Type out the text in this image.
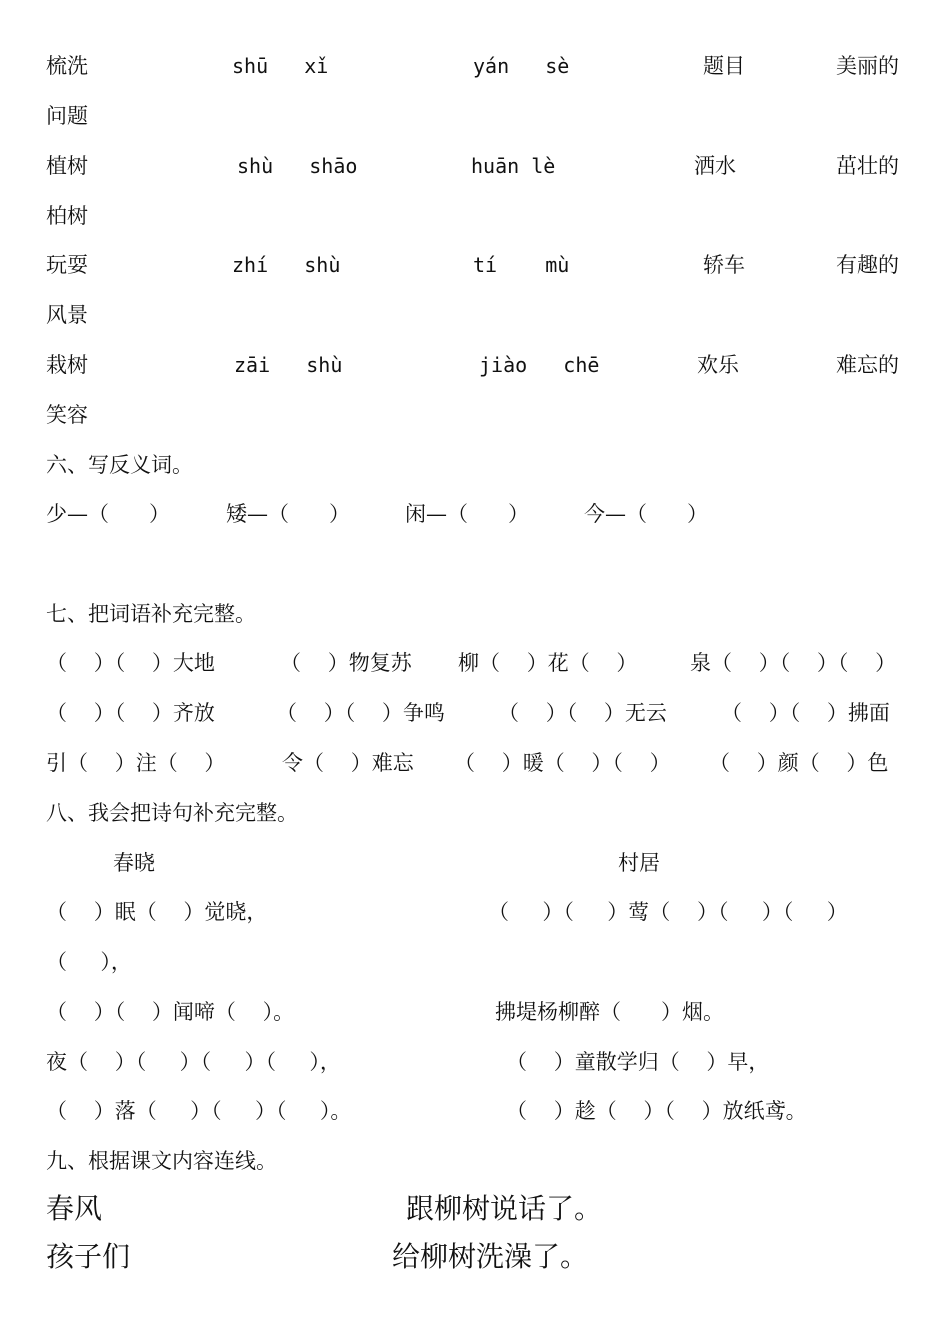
梳洗	shū   xǐ	yán   sè	题目	美丽的
问题
植树	shù   shāo	huān lè	洒水	茁壮的
柏树
玩耍	zhí   shù	tí    mù	轿车	有趣的
风景
栽树	zāi   shù	jiào   chē	欢乐	难忘的
笑容
六、写反义词。
少—（      ）	矮—（      ）	闲—（      ）	今—（      ）
七、把词语补充完整。
（    ）（    ）大地	（    ）物复苏 柳（    ）花（    ）	泉（    ）（    ）（    ）
（    ）（    ）齐放	（    ）（    ）争鸣	（    ）（    ）无云	（    ）（    ）拂面
引（    ）注（    ）	令（    ）难忘 （    ）暖（    ）（    ） （    ）颜（    ）色
八、我会把诗句补充完整。
春晓	村居
（    ）眠（    ）觉晓，	（     ）（     ）莺（    ）（     ）（     ）
（     ），
（    ）（    ）闻啼（    ）。	拂堤杨柳醉（      ）烟。
夜（    ）（     ）（     ）（     ），	（    ）童散学归（    ）早，
（    ）落（     ）（     ）（     ）。	（    ）趁（    ）（    ）放纸鸢。
九、根据课文内容连线。
春风	跟柳树说话了。
孩子们	给柳树洗澡了。
